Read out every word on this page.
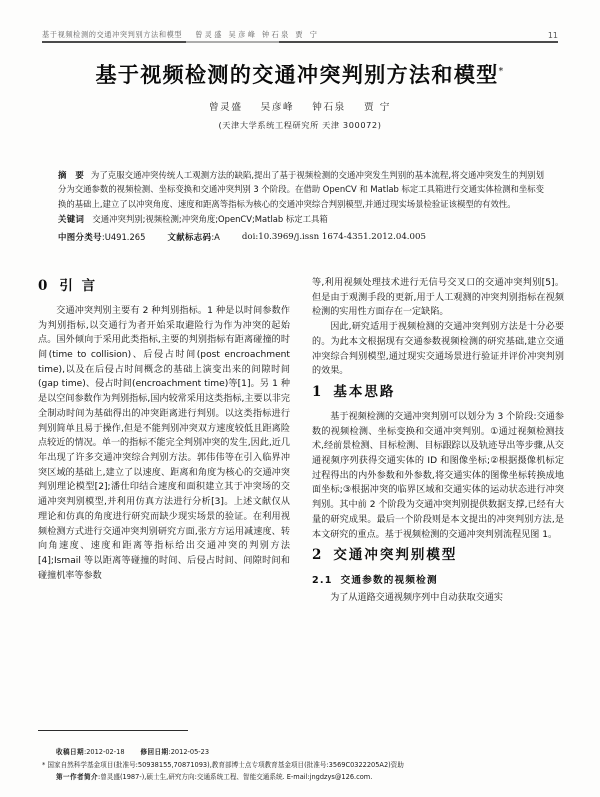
基于视频检测的交通冲突判别方法和模型 曾灵盛 吴彦峰 钟石泉 贾 宁	11
基于视频检测的交通冲突判别方法和模型*
曾灵盛 吴彦峰 钟石泉 贾 宁
(天津大学系统工程研究所 天津 300072)

摘 要 为了克服交通冲突传统人工观测方法的缺陷,提出了基于视频检测的交通冲突发生判别的基本流程,将交通冲突发生的判别划分为交通参数的视频检测、坐标变换和交通冲突判别 3 个阶段。在借助 OpenCV 和 Matlab 标定工具箱进行交通实体检测和坐标变换的基础上,建立了以冲突角度、速度和距离等指标为核心的交通冲突综合判别模型,并通过现实场景检验证该模型的有效性。

关键词 交通冲突判别;视频检测;冲突角度;OpenCV;Matlab 标定工具箱

中图分类号:U491.265	文献标志码:A	doi:10.3969/j.issn 1674-4351.2012.04.005
0 引 言

交通冲突判别主要有 2 种判别指标。1 种是以时间参数作为判别指标,以交通行为者开始采取避险行为作为冲突的起始点。国外倾向于采用此类指标,主要的判别指标有距离碰撞的时间(time to collision)、后侵占时间(post encroachment time),以及在后侵占时间概念的基础上演变出来的间隙时间(gap time)、侵占时间(encroachment time)等[1]。另 1 种是以空间参数作为判别指标,国内较常采用这类指标,主要以非完全制动时间为基础得出的冲突距离进行判别。以这类指标进行判别简单且易于操作,但是不能判别冲突双方速度较低且距离险点较近的情况。单一的指标不能完全判别冲突的发生,因此,近几年出现了许多交通冲突综合判别方法。郭伟伟等在引入临界冲突区域的基础上,建立了以速度、距离和角度为核心的交通冲突判别理论模型[2];潘仕印结合速度和面积建立其于冲突场的交通冲突判别模型,并利用仿真方法进行分析[3]。上述文献仅从理论和仿真的角度进行研究而缺少现实场景的验证。在利用视频检测方式进行交通冲突判别研究方面,张方方运用减速度、转向角速度、速度和距离等指标给出交通冲突的判别方法[4];Ismail 等以距离等碰撞的时间、后侵占时间、间隙时间和碰撞机率等参数

等,利用视频处理技术进行无信号交叉口的交通冲突判别[5]。但是由于观测手段的更新,用于人工观测的冲突判别指标在视频检测的实用性方面存在一定缺陷。

因此,研究适用于视频检测的交通冲突判别方法是十分必要的。为此本文根据现有交通参数视频检测的研究基础,建立交通冲突综合判别模型,通过现实交通场景进行验证并评价冲突判别的效果。

1 基本思路

基于视频检测的交通冲突判别可以划分为 3 个阶段:交通参数的视频检测、坐标变换和交通冲突判别。①通过视频检测技术,经前景检测、目标检测、目标跟踪以及轨迹导出等步骤,从交通视频序列获得交通实体的 ID 和图像坐标;②根据摄像机标定过程得出的内外参数和外参数,将交通实体的图像坐标转换成地面坐标;③根据冲突的临界区域和交通实体的运动状态进行冲突判别。其中前 2 个阶段为交通冲突判别提供数据支撑,已经有大量的研究成果。最后一个阶段则是本文提出的冲突判别方法,是本文研究的重点。基于视频检测的交通冲突判别流程见图 1。

2 交通冲突判别模型
2.1 交通参数的视频检测

为了从道路交通视频序列中自动获取交通实

收稿日期:2012-02-18 修回日期:2012-05-23
* 国家自然科学基金项目(批准号:50938155,70871093),教育部博士点专项教育基金项目(批准号:3569C0322205A2)资助
第一作者简介:曾灵盛(1987-),硕士生,研究方向:交通系统工程、智能交通系统. E-mail:jngdzys@126.com.
